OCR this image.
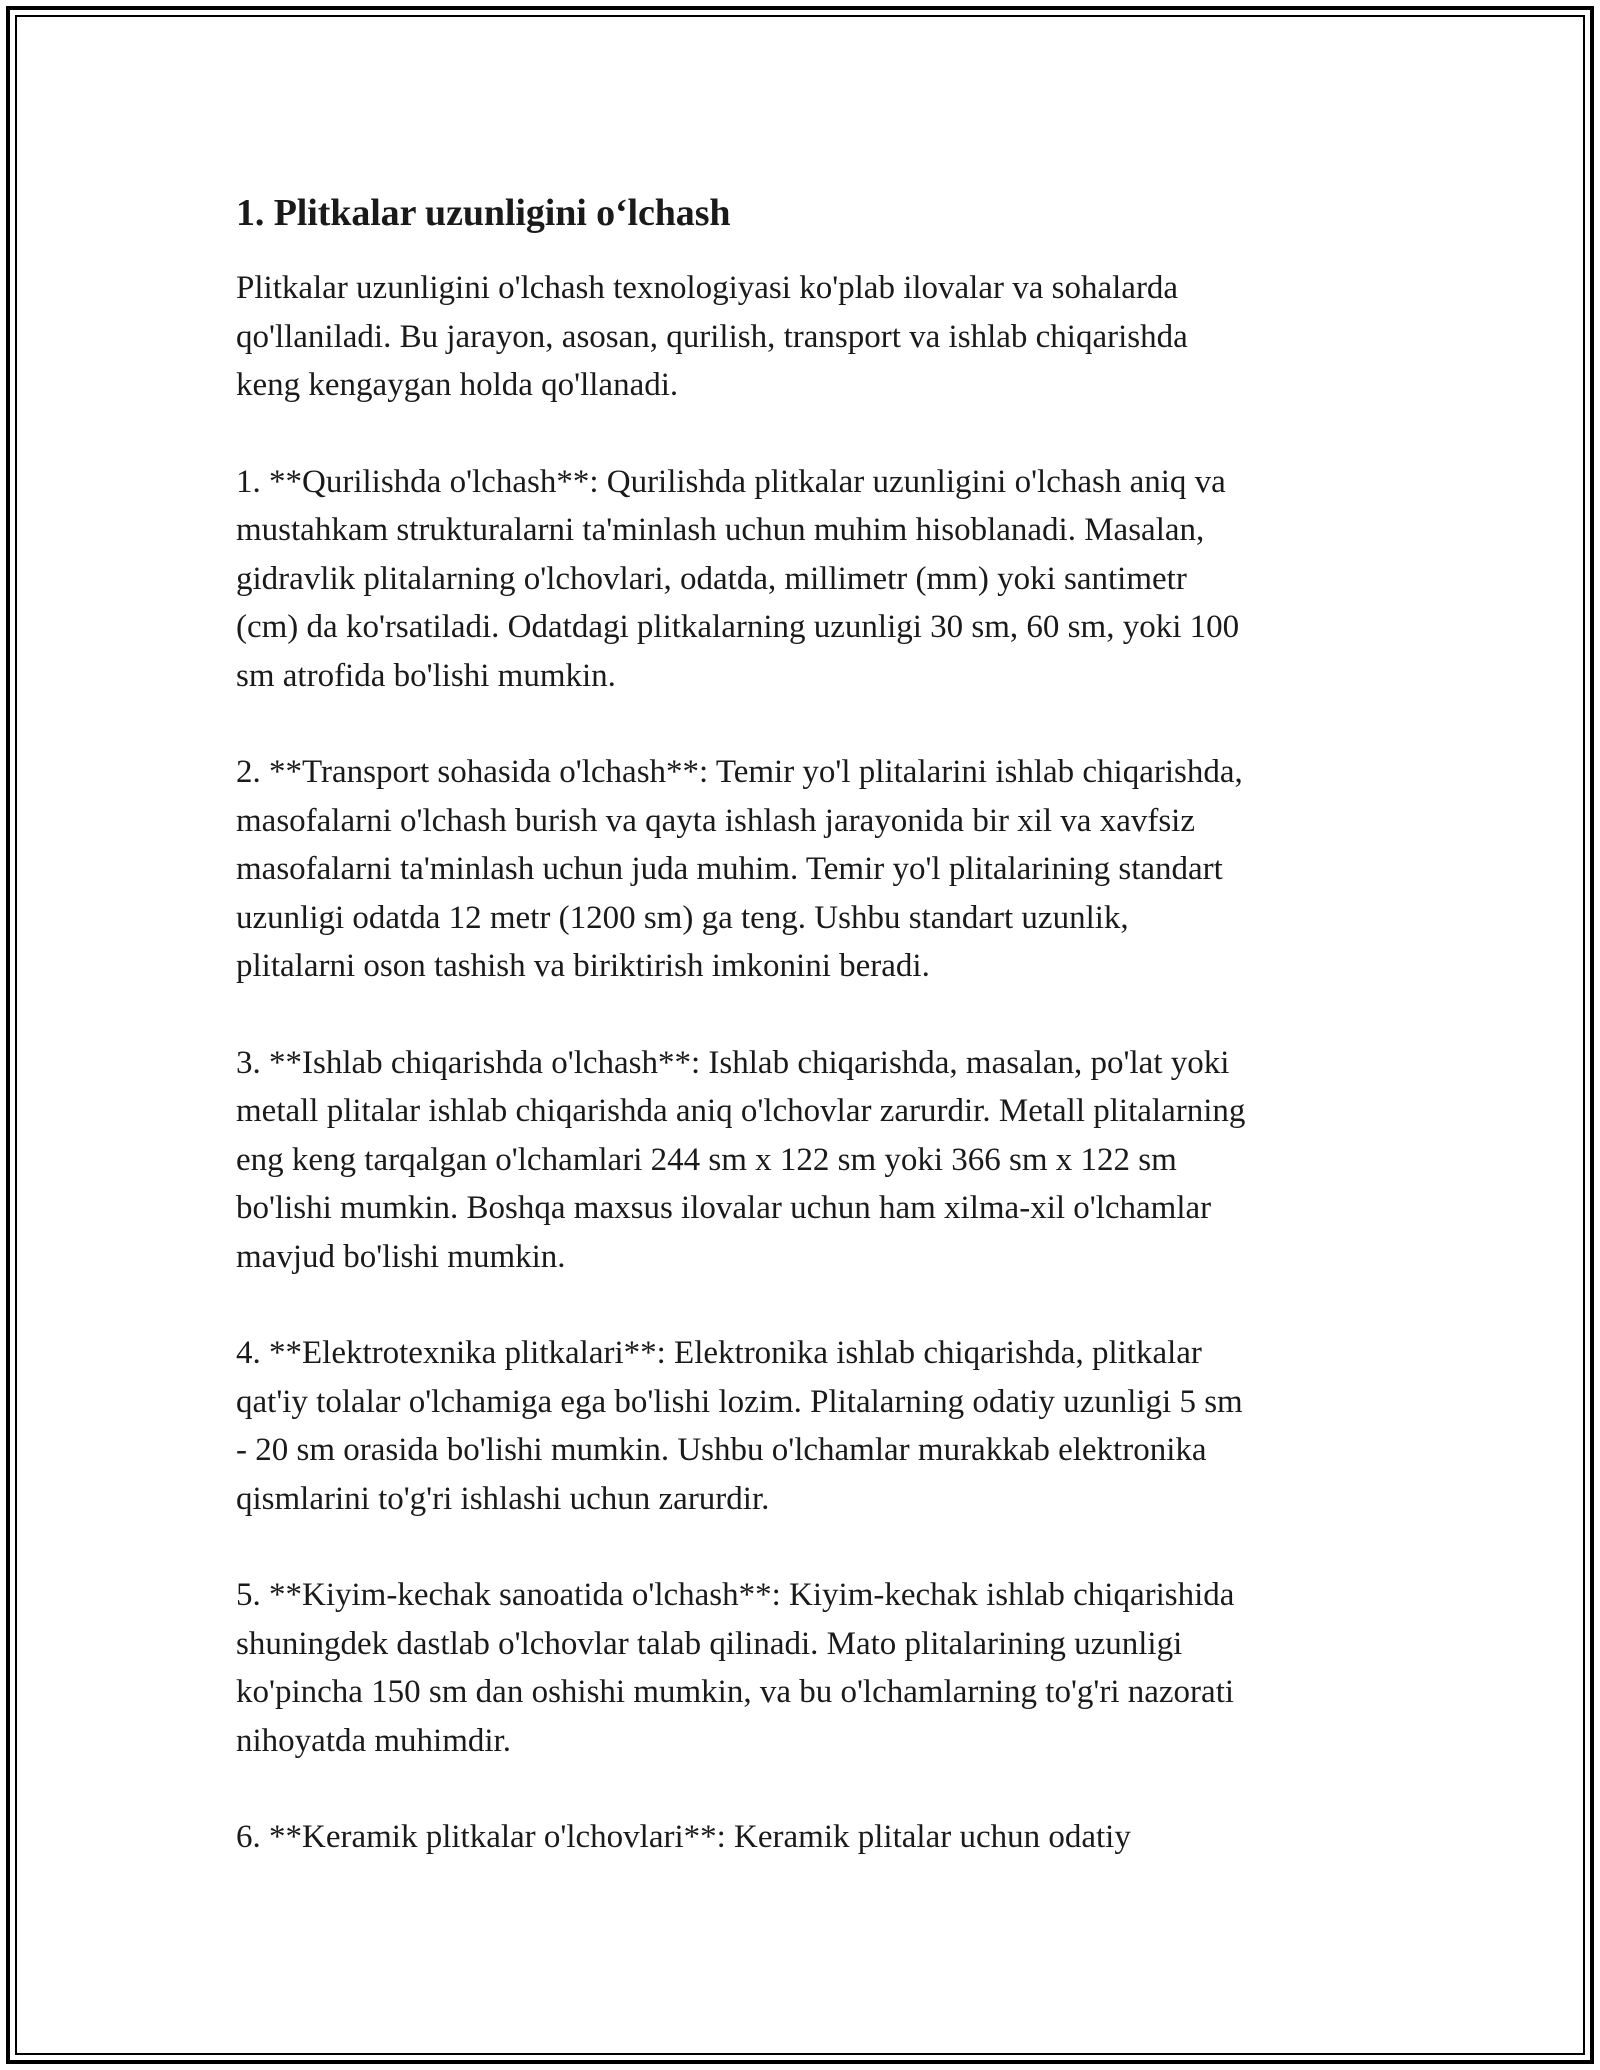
1. Plitkalar uzunligini o‘lchash

Plitkalar uzunligini o'lchash texnologiyasi ko'plab ilovalar va sohalarda
qo'llaniladi. Bu jarayon, asosan, qurilish, transport va ishlab chiqarishda
keng kengaygan holda qo'llanadi.

1. **Qurilishda o'lchash**: Qurilishda plitkalar uzunligini o'lchash aniq va
mustahkam strukturalarni ta'minlash uchun muhim hisoblanadi. Masalan,
gidravlik plitalarning o'lchovlari, odatda, millimetr (mm) yoki santimetr
(cm) da ko'rsatiladi. Odatdagi plitkalarning uzunligi 30 sm, 60 sm, yoki 100
sm atrofida bo'lishi mumkin.

2. **Transport sohasida o'lchash**: Temir yo'l plitalarini ishlab chiqarishda,
masofalarni o'lchash burish va qayta ishlash jarayonida bir xil va xavfsiz
masofalarni ta'minlash uchun juda muhim. Temir yo'l plitalarining standart
uzunligi odatda 12 metr (1200 sm) ga teng. Ushbu standart uzunlik,
plitalarni oson tashish va biriktirish imkonini beradi.

3. **Ishlab chiqarishda o'lchash**: Ishlab chiqarishda, masalan, po'lat yoki
metall plitalar ishlab chiqarishda aniq o'lchovlar zarurdir. Metall plitalarning
eng keng tarqalgan o'lchamlari 244 sm x 122 sm yoki 366 sm x 122 sm
bo'lishi mumkin. Boshqa maxsus ilovalar uchun ham xilma-xil o'lchamlar
mavjud bo'lishi mumkin.

4. **Elektrotexnika plitkalari**: Elektronika ishlab chiqarishda, plitkalar
qat'iy tolalar o'lchamiga ega bo'lishi lozim. Plitalarning odatiy uzunligi 5 sm
- 20 sm orasida bo'lishi mumkin. Ushbu o'lchamlar murakkab elektronika
qismlarini to'g'ri ishlashi uchun zarurdir.

5. **Kiyim-kechak sanoatida o'lchash**: Kiyim-kechak ishlab chiqarishida
shuningdek dastlab o'lchovlar talab qilinadi. Mato plitalarining uzunligi
ko'pincha 150 sm dan oshishi mumkin, va bu o'lchamlarning to'g'ri nazorati
nihoyatda muhimdir.

6. **Keramik plitkalar o'lchovlari**: Keramik plitalar uchun odatiy
